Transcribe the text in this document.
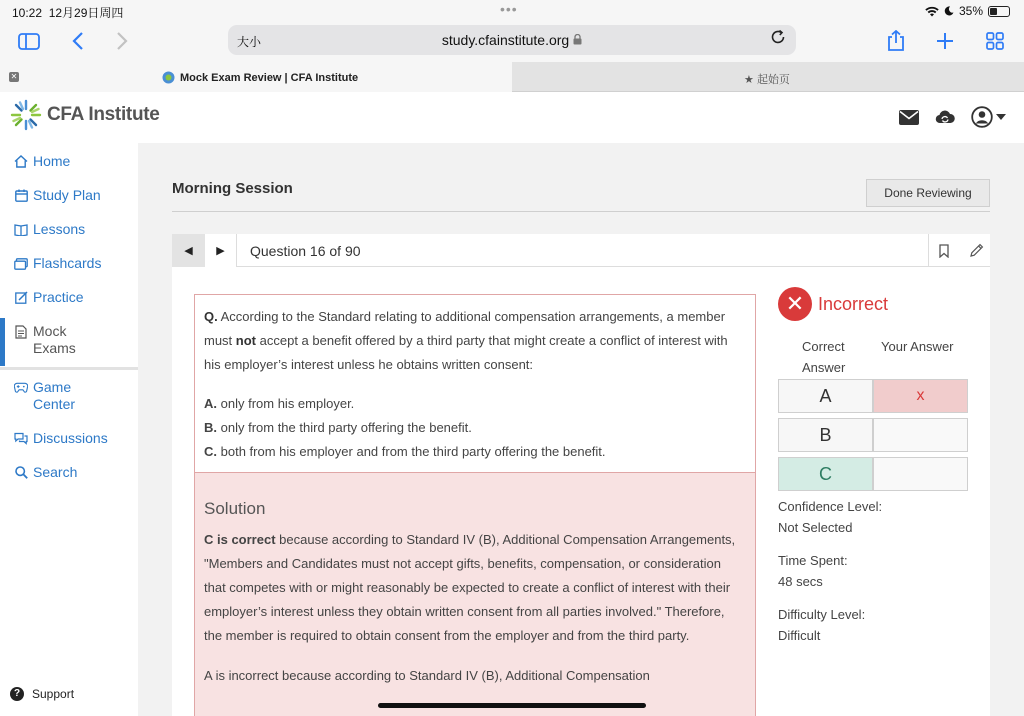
10:22 12月29日周四	•••	35%
大小	study.cfainstitute.org
✕	Mock Exam Review | CFA Institute	★ 起始页
CFA Institute
Home
Study Plan
Lessons
Flashcards
Practice
Mock Exams
Game Center
Discussions
Search
? Support
Morning Session	Done Reviewing
◀	▶	Question 16 of 90
Q. According to the Standard relating to additional compensation arrangements, a member must not accept a benefit offered by a third party that might create a conflict of interest with his employer’s interest unless he obtains written consent:
A. only from his employer.
B. only from the third party offering the benefit.
C. both from his employer and from the third party offering the benefit.
Solution
C is correct because according to Standard IV (B), Additional Compensation Arrangements, "Members and Candidates must not accept gifts, benefits, compensation, or consideration that competes with or might reasonably be expected to create a conflict of interest with their employer’s interest unless they obtain written consent from all parties involved." Therefore, the member is required to obtain consent from the employer and from the third party.
A is incorrect because according to Standard IV (B), Additional Compensation
✕ Incorrect
Correct Answer
Your Answer
A	x
B
C
Confidence Level:
Not Selected
Time Spent:
48 secs
Difficulty Level:
Difficult
